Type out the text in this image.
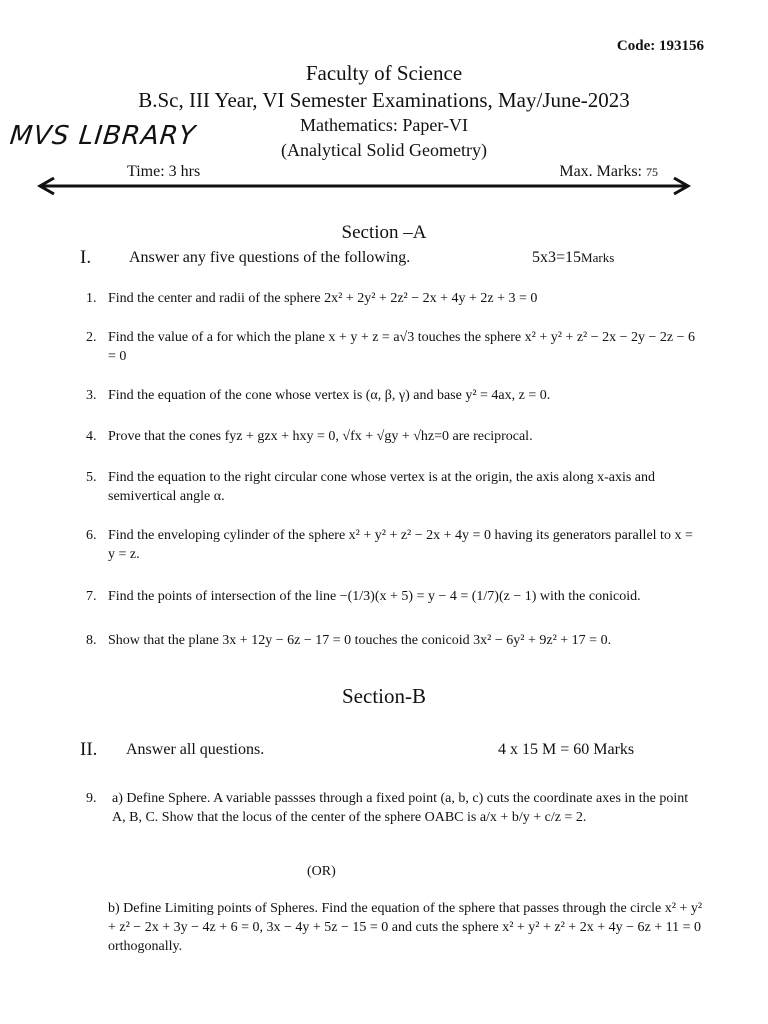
Code: 193156
Faculty of Science
B.Sc, III Year, VI Semester Examinations, May/June-2023
MVS LIBRARY	Mathematics: Paper-VI
(Analytical Solid Geometry)
Time: 3 hrs	Max. Marks: 75
Section –A
I. Answer any five questions of the following.	5x3=15Marks
1. Find the center and radii of the sphere 2x² + 2y² + 2z² − 2x + 4y + 2z + 3 = 0
2. Find the value of a for which the plane x + y + z = a√3 touches the sphere x² + y² + z² − 2x − 2y − 2z − 6 = 0
3. Find the equation of the cone whose vertex is (α, β, γ) and base y² = 4ax, z = 0.
4. Prove that the cones fyz + gzx + hxy = 0, √fx + √gy + √hz=0 are reciprocal.
5. Find the equation to the right circular cone whose vertex is at the origin, the axis along x-axis and semivertical angle α.
6. Find the enveloping cylinder of the sphere x² + y² + z² − 2x + 4y = 0 having its generators parallel to x = y = z.
7. Find the points of intersection of the line −(1/3)(x + 5) = y − 4 = (1/7)(z − 1) with the conicoid.
8. Show that the plane 3x + 12y − 6z − 17 = 0 touches the conicoid 3x² − 6y² + 9z² + 17 = 0.
Section-B
II. Answer all questions.	4 x 15 M = 60 Marks
9. a) Define Sphere. A variable passses through a fixed point (a, b, c) cuts the coordinate axes in the point A, B, C. Show that the locus of the center of the sphere OABC is a/x + b/y + c/z = 2.
(OR)
b) Define Limiting points of Spheres. Find the equation of the sphere that passes through the circle x² + y² + z² − 2x + 3y − 4z + 6 = 0, 3x − 4y + 5z − 15 = 0 and cuts the sphere x² + y² + z² + 2x + 4y − 6z + 11 = 0 orthogonally.
